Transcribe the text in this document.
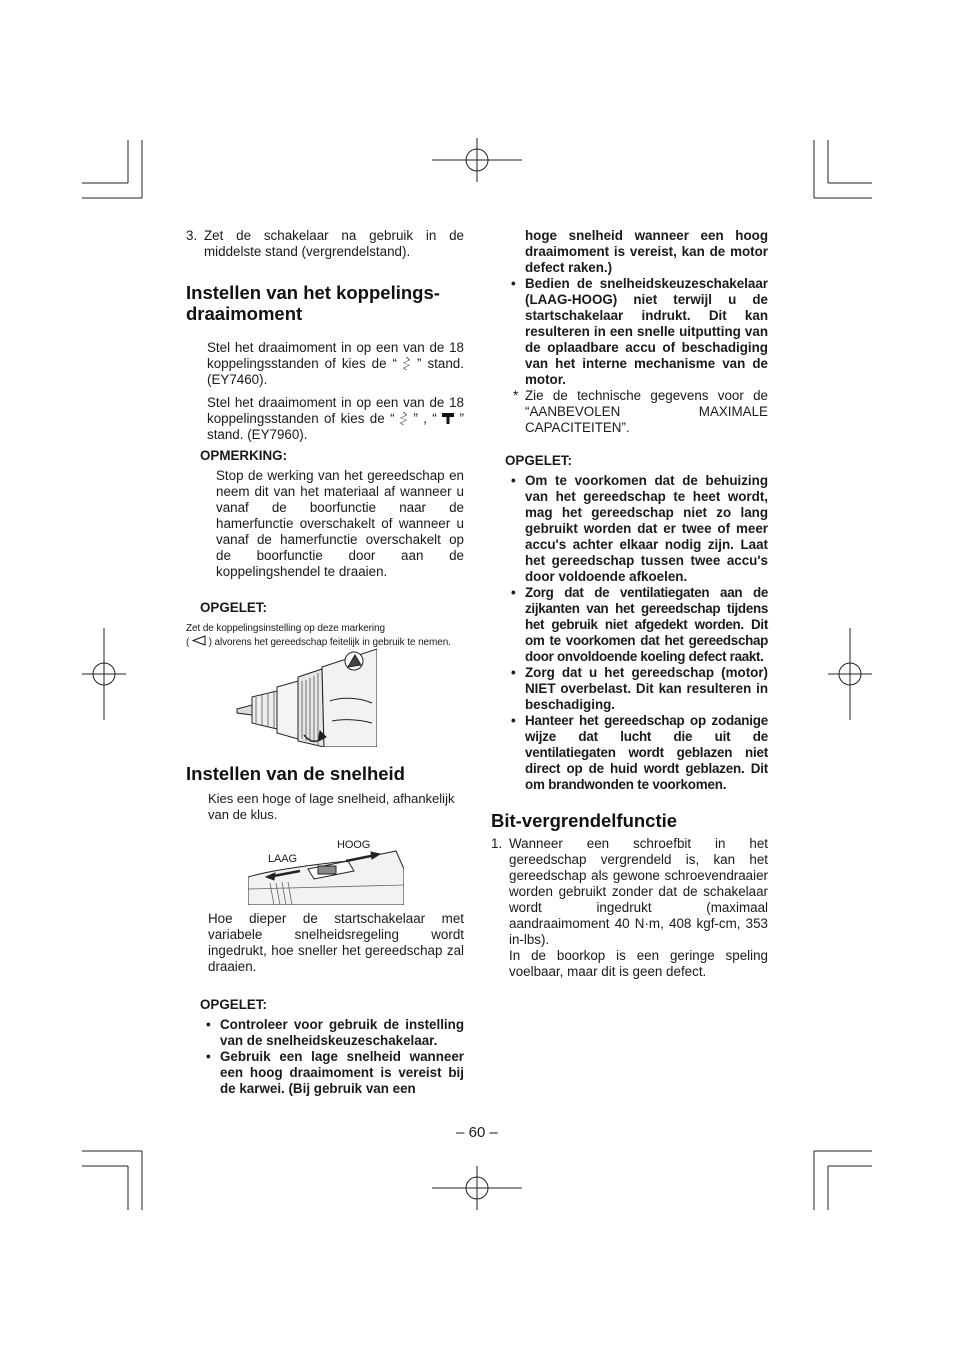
3. Zet de schakelaar na gebruik in de middelste stand (vergrendelstand).
Instellen van het koppelings-
draaimoment

Stel het draaimoment in op een van de 18 koppelingsstanden of kies de “ ” stand. (EY7460).

Stel het draaimoment in op een van de 18 koppelingsstanden of kies de “ ” , “ ” stand. (EY7960).

OPMERKING:

Stop de werking van het gereedschap en neem dit van het materiaal af wanneer u vanaf de boorfunctie naar de hamerfunctie overschakelt of wanneer u vanaf de hamerfunctie overschakelt op de boorfunctie door aan de koppelingshendel te draaien.

OPGELET:

Zet de koppelingsinstelling op deze markering
( ) alvorens het gereedschap feitelijk in gebruik te nemen.
Instellen van de snelheid

Kies een hoge of lage snelheid, afhankelijk van de klus.

HOOG
LAAG

Hoe dieper de startschakelaar met variabele snelheidsregeling wordt ingedrukt, hoe sneller het gereedschap zal draaien.

OPGELET:

• Controleer voor gebruik de instelling van de snelheidskeuzeschakelaar.
• Gebruik een lage snelheid wanneer een hoog draaimoment is vereist bij de karwei. (Bij gebruik van een

hoge snelheid wanneer een hoog draaimoment is vereist, kan de motor defect raken.)

• Bedien de snelheidskeuzeschakelaar (LAAG-HOOG) niet terwijl u de startschakelaar indrukt. Dit kan resulteren in een snelle uitputting van de oplaadbare accu of beschadiging van het interne mechanisme van de motor.
* Zie de technische gegevens voor de “AANBEVOLEN MAXIMALE CAPACITEITEN”.

OPGELET:

• Om te voorkomen dat de behuizing van het gereedschap te heet wordt, mag het gereedschap niet zo lang gebruikt worden dat er twee of meer accu's achter elkaar nodig zijn. Laat het gereedschap tussen twee accu's door voldoende afkoelen.
• Zorg dat de ventilatiegaten aan de zijkanten van het gereedschap tijdens het gebruik niet afgedekt worden. Dit om te voorkomen dat het gereedschap door onvoldoende koeling defect raakt.
• Zorg dat u het gereedschap (motor) NIET overbelast. Dit kan resulteren in beschadiging.
• Hanteer het gereedschap op zodanige wijze dat lucht die uit de ventilatiegaten wordt geblazen niet direct op de huid wordt geblazen. Dit om brandwonden te voorkomen.
Bit-vergrendelfunctie
1. Wanneer een schroefbit in het gereedschap vergrendeld is, kan het gereedschap als gewone schroevendraaier worden gebruikt zonder dat de schakelaar wordt ingedrukt (maximaal aandraaimoment 40 N·m, 408 kgf-cm, 353 in-lbs).
In de boorkop is een geringe speling voelbaar, maar dit is geen defect.
– 60 –
